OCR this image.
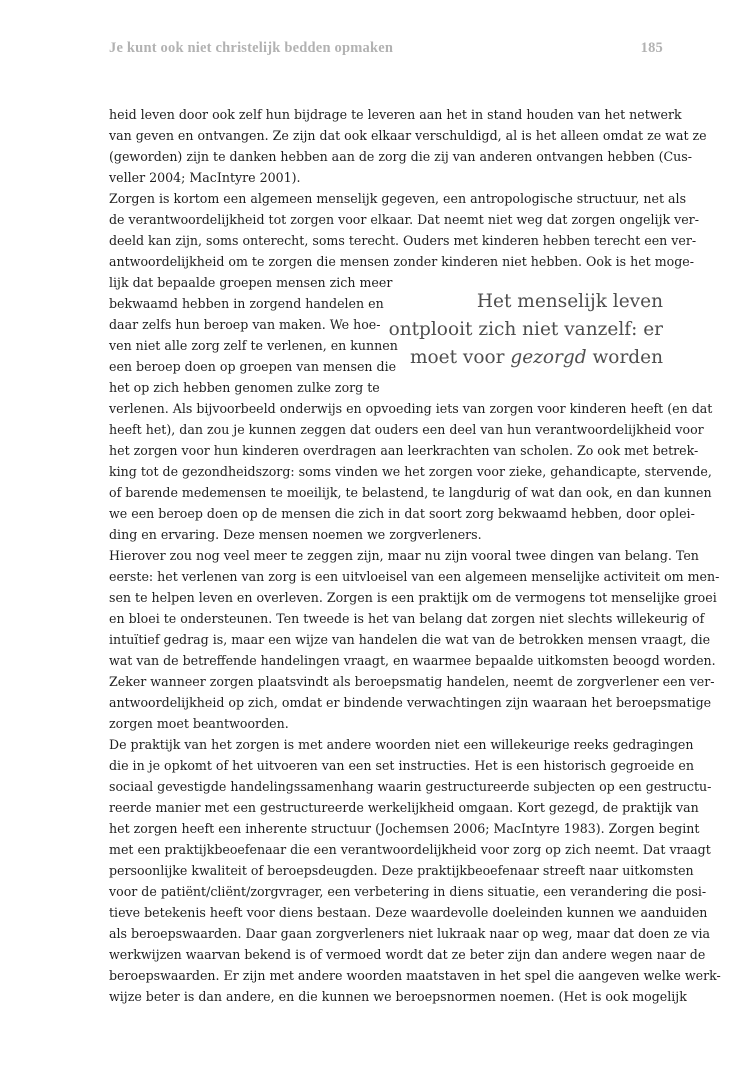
Je kunt ook niet christelijk bedden opmaken	185
heid leven door ook zelf hun bijdrage te leveren aan het in stand houden van het netwerk
van geven en ontvangen. Ze zijn dat ook elkaar verschuldigd, al is het alleen omdat ze wat ze
(geworden) zijn te danken hebben aan de zorg die zij van anderen ontvangen hebben (Cus-
veller 2004; MacIntyre 2001).
Zorgen is kortom een algemeen menselijk gegeven, een antropologische structuur, net als
de verantwoordelijkheid tot zorgen voor elkaar. Dat neemt niet weg dat zorgen ongelijk ver-
deeld kan zijn, soms onterecht, soms terecht. Ouders met kinderen hebben terecht een ver-
antwoordelijkheid om te zorgen die mensen zonder kinderen niet hebben. Ook is het moge-
lijk dat bepaalde groepen mensen zich meer
bekwaamd hebben in zorgend handelen en
daar zelfs hun beroep van maken. We hoe-
ven niet alle zorg zelf te verlenen, en kunnen
een beroep doen op groepen van mensen die
het op zich hebben genomen zulke zorg te
verlenen. Als bijvoorbeeld onderwijs en opvoeding iets van zorgen voor kinderen heeft (en dat
heeft het), dan zou je kunnen zeggen dat ouders een deel van hun verantwoordelijkheid voor
het zorgen voor hun kinderen overdragen aan leerkrachten van scholen. Zo ook met betrek-
king tot de gezondheidszorg: soms vinden we het zorgen voor zieke, gehandicapte, stervende,
of barende medemensen te moeilijk, te belastend, te langdurig of wat dan ook, en dan kunnen
we een beroep doen op de mensen die zich in dat soort zorg bekwaamd hebben, door oplei-
ding en ervaring. Deze mensen noemen we zorgverleners.
Hierover zou nog veel meer te zeggen zijn, maar nu zijn vooral twee dingen van belang. Ten
eerste: het verlenen van zorg is een uitvloeisel van een algemeen menselijke activiteit om men-
sen te helpen leven en overleven. Zorgen is een praktijk om de vermogens tot menselijke groei
en bloei te ondersteunen. Ten tweede is het van belang dat zorgen niet slechts willekeurig of
intuïtief gedrag is, maar een wijze van handelen die wat van de betrokken mensen vraagt, die
wat van de betreffende handelingen vraagt, en waarmee bepaalde uitkomsten beoogd worden.
Zeker wanneer zorgen plaatsvindt als beroepsmatig handelen, neemt de zorgverlener een ver-
antwoordelijkheid op zich, omdat er bindende verwachtingen zijn waaraan het beroepsmatige
zorgen moet beantwoorden.
De praktijk van het zorgen is met andere woorden niet een willekeurige reeks gedragingen
die in je opkomt of het uitvoeren van een set instructies. Het is een historisch gegroeide en
sociaal gevestigde handelingssamenhang waarin gestructureerde subjecten op een gestructu-
reerde manier met een gestructureerde werkelijkheid omgaan. Kort gezegd, de praktijk van
het zorgen heeft een inherente structuur (Jochemsen 2006; MacIntyre 1983). Zorgen begint
met een praktijkbeoefenaar die een verantwoordelijkheid voor zorg op zich neemt. Dat vraagt
persoonlijke kwaliteit of beroepsdeugden. Deze praktijkbeoefenaar streeft naar uitkomsten
voor de patiënt/cliënt/zorgvrager, een verbetering in diens situatie, een verandering die posi-
tieve betekenis heeft voor diens bestaan. Deze waardevolle doeleinden kunnen we aanduiden
als beroepswaarden. Daar gaan zorgverleners niet lukraak naar op weg, maar dat doen ze via
werkwijzen waarvan bekend is of vermoed wordt dat ze beter zijn dan andere wegen naar de
beroepswaarden. Er zijn met andere woorden maatstaven in het spel die aangeven welke werk-
wijze beter is dan andere, en die kunnen we beroepsnormen noemen. (Het is ook mogelijk
Het menselijk leven
ontplooit zich niet vanzelf: er
moet voor gezorgd worden
